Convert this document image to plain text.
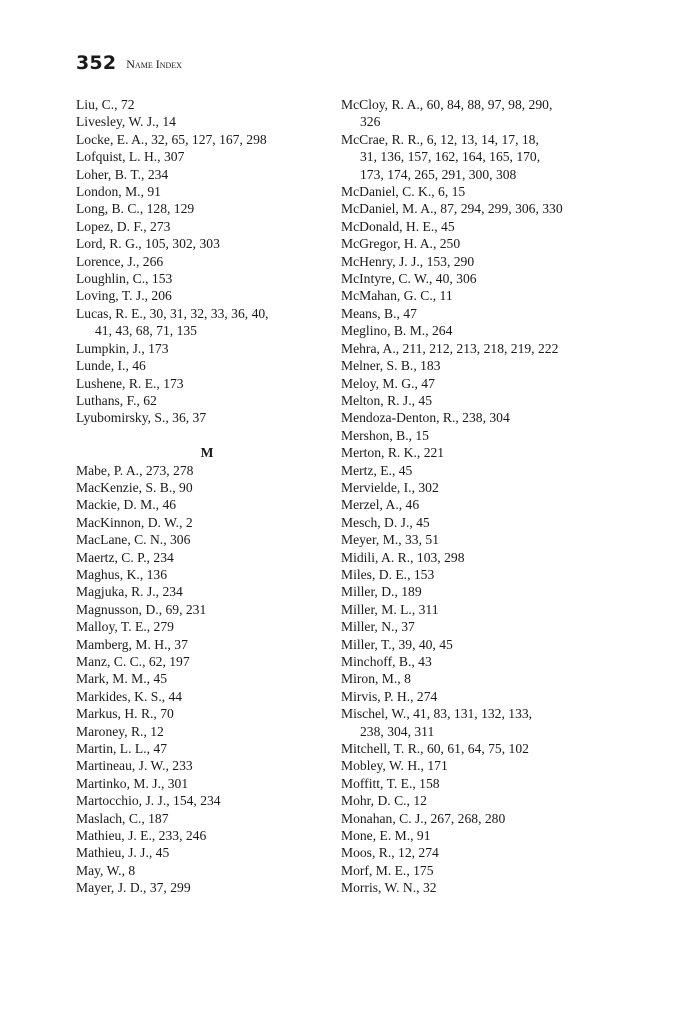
352 Name Index
Liu, C., 72
Livesley, W. J., 14
Locke, E. A., 32, 65, 127, 167, 298
Lofquist, L. H., 307
Loher, B. T., 234
London, M., 91
Long, B. C., 128, 129
Lopez, D. F., 273
Lord, R. G., 105, 302, 303
Lorence, J., 266
Loughlin, C., 153
Loving, T. J., 206
Lucas, R. E., 30, 31, 32, 33, 36, 40,
41, 43, 68, 71, 135
Lumpkin, J., 173
Lunde, I., 46
Lushene, R. E., 173
Luthans, F., 62
Lyubomirsky, S., 36, 37
M
Mabe, P. A., 273, 278
MacKenzie, S. B., 90
Mackie, D. M., 46
MacKinnon, D. W., 2
MacLane, C. N., 306
Maertz, C. P., 234
Maghus, K., 136
Magjuka, R. J., 234
Magnusson, D., 69, 231
Malloy, T. E., 279
Mamberg, M. H., 37
Manz, C. C., 62, 197
Mark, M. M., 45
Markides, K. S., 44
Markus, H. R., 70
Maroney, R., 12
Martin, L. L., 47
Martineau, J. W., 233
Martinko, M. J., 301
Martocchio, J. J., 154, 234
Maslach, C., 187
Mathieu, J. E., 233, 246
Mathieu, J. J., 45
May, W., 8
Mayer, J. D., 37, 299
McCloy, R. A., 60, 84, 88, 97, 98, 290,
326
McCrae, R. R., 6, 12, 13, 14, 17, 18,
31, 136, 157, 162, 164, 165, 170,
173, 174, 265, 291, 300, 308
McDaniel, C. K., 6, 15
McDaniel, M. A., 87, 294, 299, 306, 330
McDonald, H. E., 45
McGregor, H. A., 250
McHenry, J. J., 153, 290
McIntyre, C. W., 40, 306
McMahan, G. C., 11
Means, B., 47
Meglino, B. M., 264
Mehra, A., 211, 212, 213, 218, 219, 222
Melner, S. B., 183
Meloy, M. G., 47
Melton, R. J., 45
Mendoza-Denton, R., 238, 304
Mershon, B., 15
Merton, R. K., 221
Mertz, E., 45
Mervielde, I., 302
Merzel, A., 46
Mesch, D. J., 45
Meyer, M., 33, 51
Midili, A. R., 103, 298
Miles, D. E., 153
Miller, D., 189
Miller, M. L., 311
Miller, N., 37
Miller, T., 39, 40, 45
Minchoff, B., 43
Miron, M., 8
Mirvis, P. H., 274
Mischel, W., 41, 83, 131, 132, 133,
238, 304, 311
Mitchell, T. R., 60, 61, 64, 75, 102
Mobley, W. H., 171
Moffitt, T. E., 158
Mohr, D. C., 12
Monahan, C. J., 267, 268, 280
Mone, E. M., 91
Moos, R., 12, 274
Morf, M. E., 175
Morris, W. N., 32
